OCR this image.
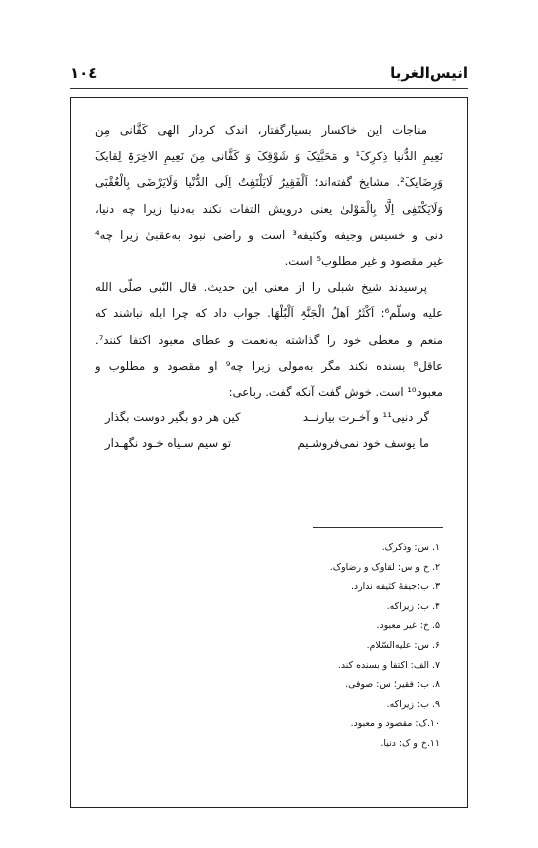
انیس‌الغربا
۱۰٤
مناجات این خاکسار بسیارگفتار، اندک کردار الهی کَفَّانی مِن
نَعِیمِ الدُّنیا ذِکرِکَ¹ و مَحَبَّتِکَ وَ شَوْقِکَ وَ کَفَّانی مِنَ نَعِیمِ الاخِرَۃِ لِقایکَ
وَرِضَایکَ². مشایخ گفته‌اند؛ اَلْفَقِیرُ لَایَلْتَفِتُ اِلَی الدُّنْیا وَلَایَرْضَی بِالْعُقْبَی
وَلَایَکْتَفِی اِلَّا بِالْمَوْلیٰ یعنی درویش التفات نکند به‌دنیا زیرا چه دنیا،
دنی و خسیس وجیفه وکثیفه³ است و راضی نبود به‌عقبیٰ زیرا چه⁴
غیر مقصود و غیر مطلوب⁵ است.
پرسیدند شیخ شبلی را از معنی این حدیث. قال النّبی صلّی الله
علیه وسلّم⁶: اَکْثَرُ اَهلُ الْجَنَّۃِ اَلْبُلْهَا. جواب داد که چرا ابله نباشند که
منعم و معطی خود را گذاشته به‌نعمت و عطای معبود اکتفا کنند⁷.
عاقل⁸ بسنده نکند مگر به‌مولی زیرا چه⁹ او مقصود و مطلوب و
معبود¹⁰ است. خوش گفت آنکه گفت. رباعی:
گر دنیی¹¹ و آخـرت بیارنــد
کین هر دو بگیر دوست بگذار
ما یوسف خود نمی‌فروشـیم
تو سیم سـیاه خـود نگهـدار
۱. س: وذکرک.
۲. خ و س: لقاوک و رضاوک.
۳. ب:جیفۀ کثیفه ندارد.
۴. ب: زیراکه.
۵. خ: غیر معبود.
۶. س: علیه‌السّلام.
۷. الف: اکتفا و بسنده کند.
۸. ب: فقیر؛ س: صوفی.
۹. ب: زیراکه.
۱۰.ک: مقصود و معبود.
۱۱.خ و ک: دنیا.
